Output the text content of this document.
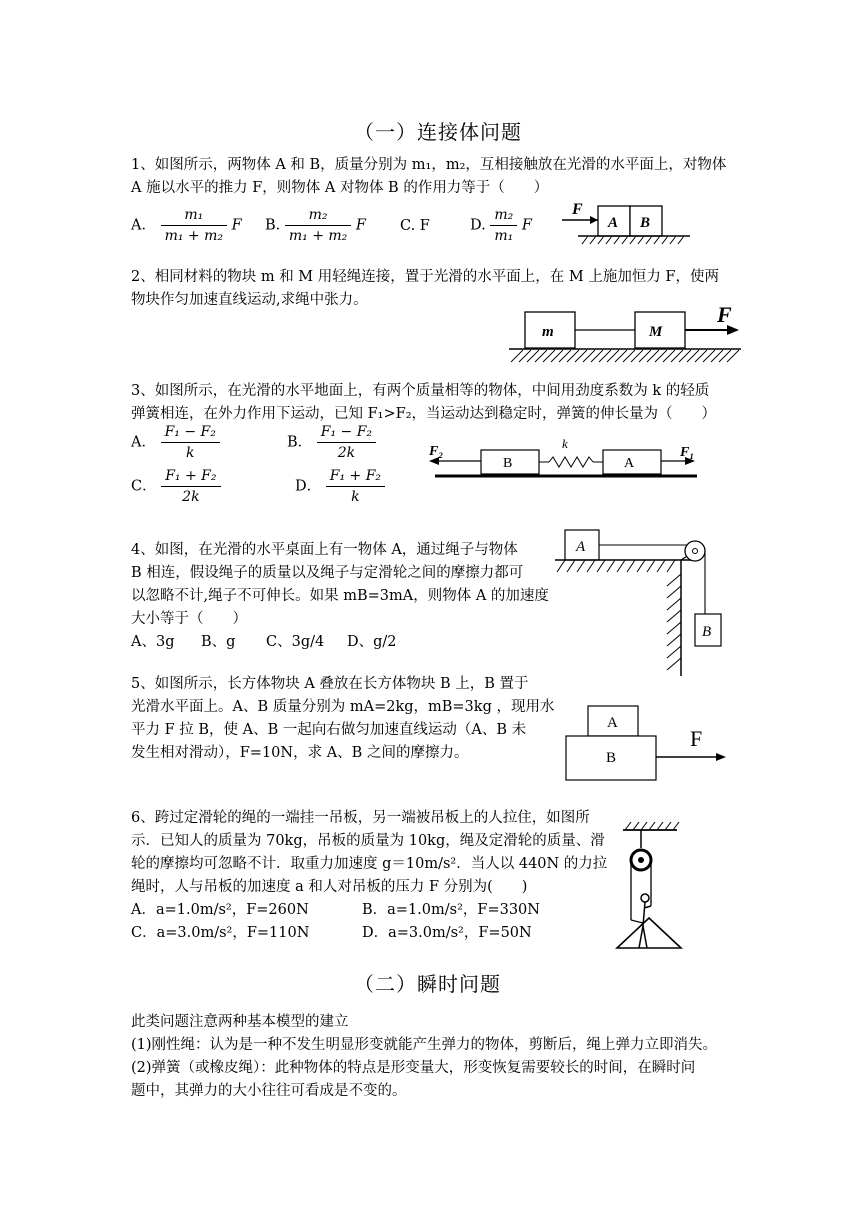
（一）连接体问题
1、如图所示，两物体 A 和 B，质量分别为 m₁，m₂，互相接触放在光滑的水平面上，对物体
A 施以水平的推力 F，则物体 A 对物体 B 的作用力等于（　　）
A． $\frac{\text{m₁}}{\text{m₁ + m₂}}$ F B. $\frac{\text{m₂}}{\text{m₁ + m₂}}$ F C. F	D. $\frac{\text{m₂}}{\text{m₁}}$ F
F
A B
2、相同材料的物块 m 和 M 用轻绳连接，置于光滑的水平面上，在 M 上施加恒力 F，使两
物块作匀加速直线运动,求绳中张力。
m	M
F
3、如图所示，在光滑的水平地面上，有两个质量相等的物体，中间用劲度系数为 k 的轻质
弹簧相连，在外力作用下运动，已知 F₁>F₂，当运动达到稳定时，弹簧的伸长量为（　　）
A． $\frac{\text{F₁ − F₂}}{k}$	B． $\frac{\text{F₁ − F₂}}{2k}$
C． $\frac{\text{F₁ + F₂}}{2k}$	D． $\frac{\text{F₁ + F₂}}{k}$
F₂
B
k
A
F₁
4、如图，在光滑的水平桌面上有一物体 A，通过绳子与物体
B 相连，假设绳子的质量以及绳子与定滑轮之间的摩擦力都可
以忽略不计,绳子不可伸长。如果 mB=3mA，则物体 A 的加速度
大小等于（　　）
A、3g B、g C、3g/4 D、g/2
A
B
5、如图所示，长方体物块 A 叠放在长方体物块 B 上，B 置于
光滑水平面上。A、B 质量分别为 mA=2kg，mB=3kg ，现用水
平力 F 拉 B，使 A、B 一起向右做匀加速直线运动（A、B 未
发生相对滑动），F=10N，求 A、B 之间的摩擦力。
A
B
F
6、跨过定滑轮的绳的一端挂一吊板，另一端被吊板上的人拉住，如图所
示．已知人的质量为 70kg，吊板的质量为 10kg，绳及定滑轮的质量、滑
轮的摩擦均可忽略不计．取重力加速度 g＝10m/s²．当人以 440N 的力拉
绳时，人与吊板的加速度 a 和人对吊板的压力 F 分别为(　　)
A．a=1.0m/s²，F=260N	B．a=1.0m/s²，F=330N
C．a=3.0m/s²，F=110N	D．a=3.0m/s²，F=50N
（二）瞬时问题
此类问题注意两种基本模型的建立
(1)刚性绳：认为是一种不发生明显形变就能产生弹力的物体，剪断后，绳上弹力立即消失。
(2)弹簧（或橡皮绳）：此种物体的特点是形变量大，形变恢复需要较长的时间，在瞬时问
题中，其弹力的大小往往可看成是不变的。
